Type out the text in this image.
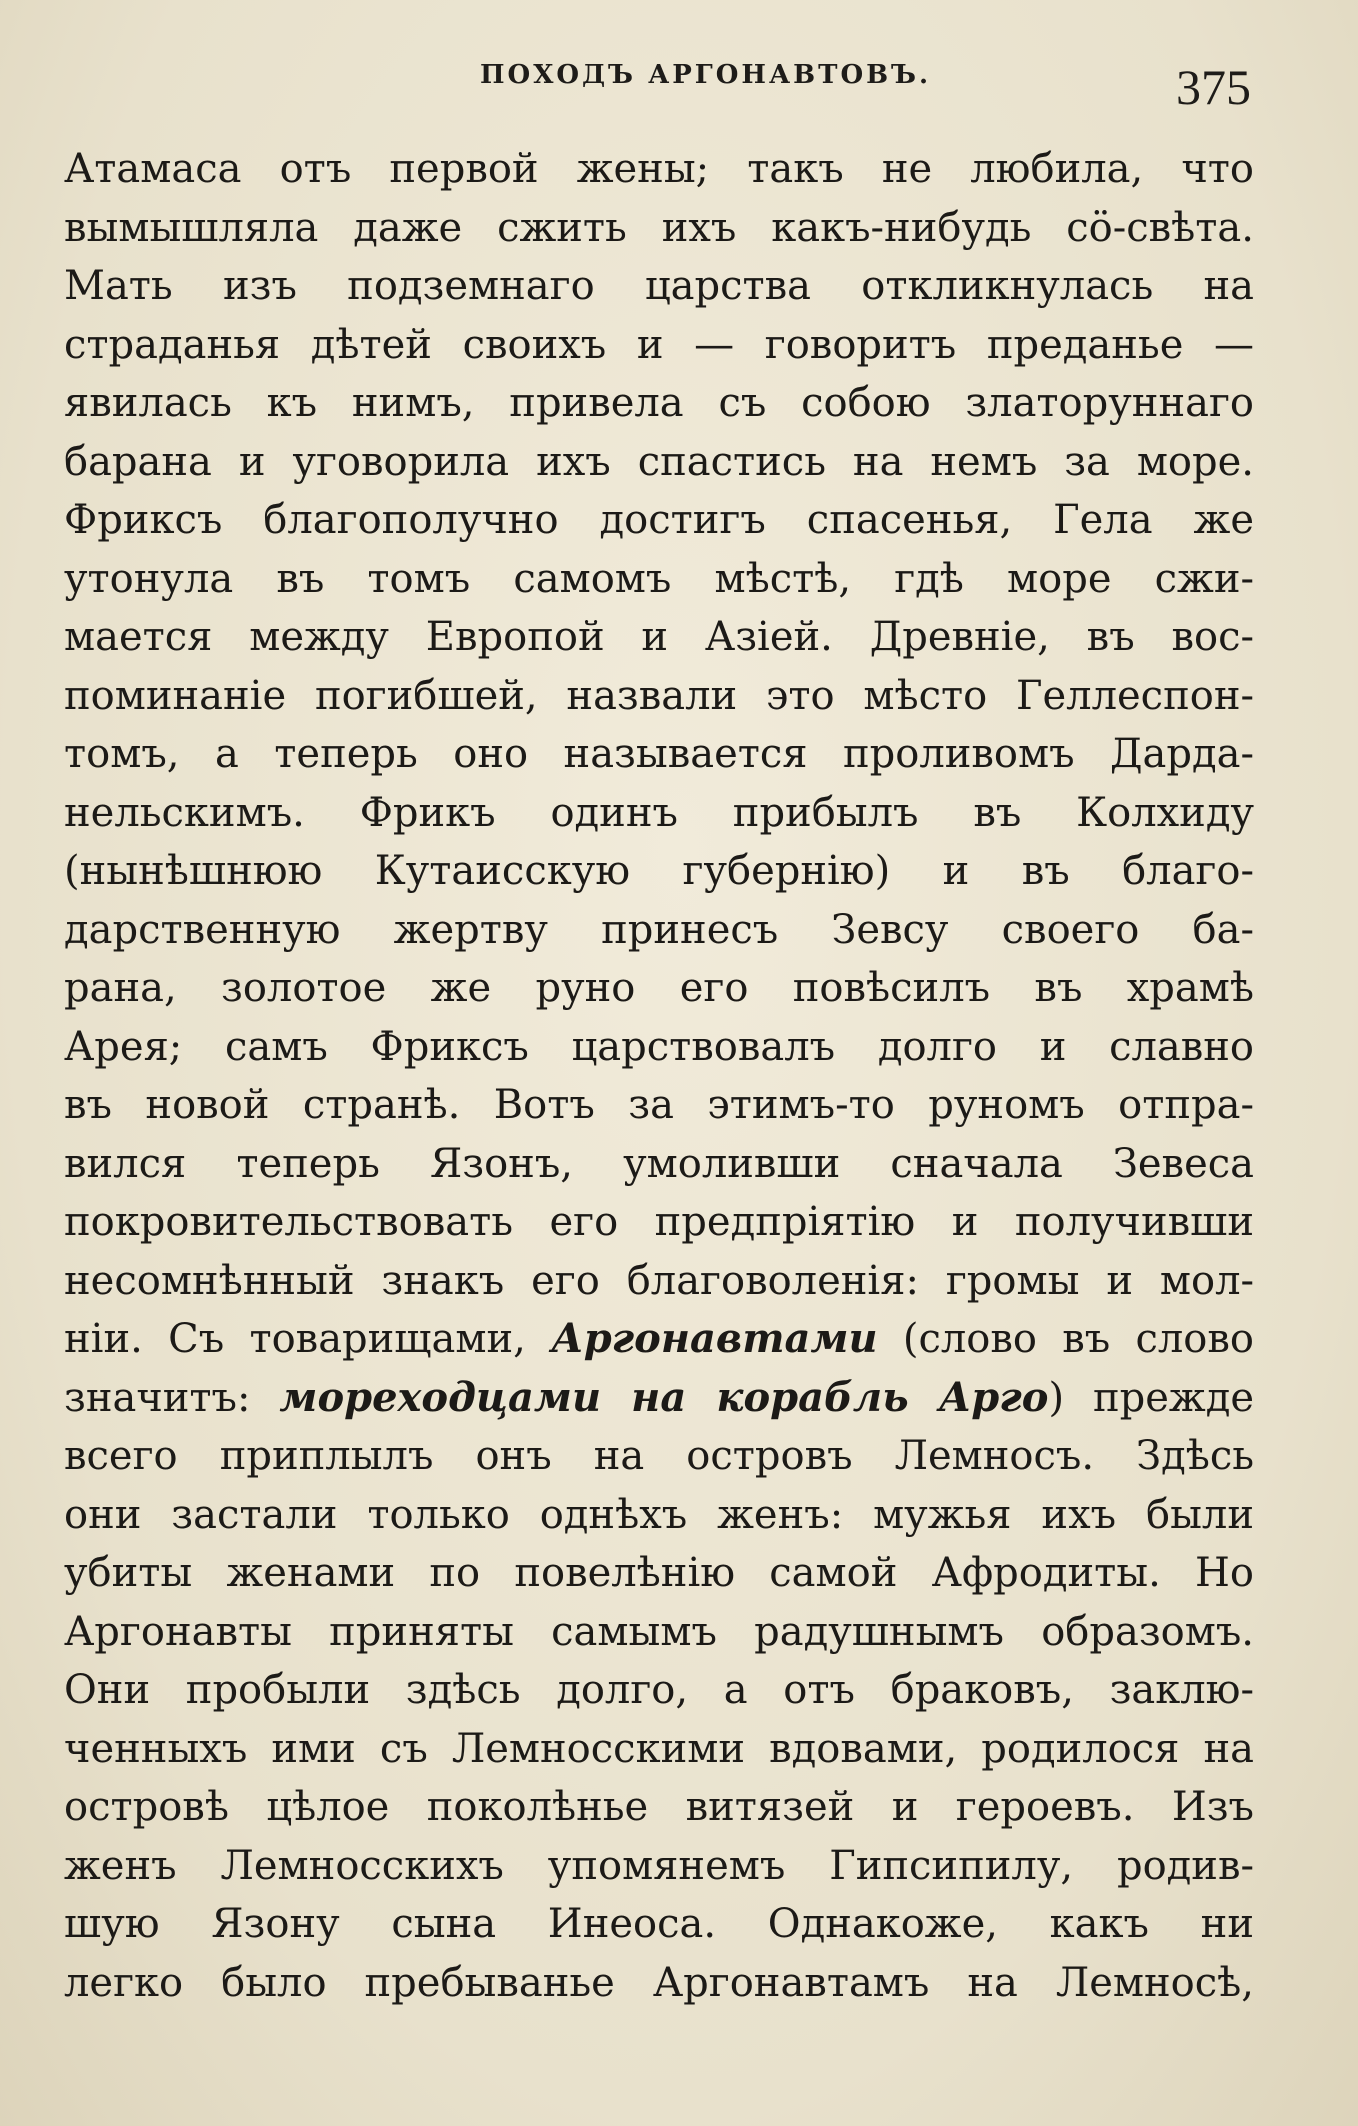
ПОХОДЪ АРГОНАВТОВЪ.	375
Атамаса отъ первой жены; такъ не любила, что
вымышляла даже сжить ихъ какъ-нибудь сö-свѣта.
Мать изъ подземнаго царства откликнулась на
страданья дѣтей своихъ и — говоритъ преданье —
явилась къ нимъ, привела съ собою златоруннаго
барана и уговорила ихъ спастись на немъ за море.
Фриксъ благополучно достигъ спасенья, Гела же
утонула въ томъ самомъ мѣстѣ, гдѣ море сжи-
мается между Европой и Азiей. Древнiе, въ вос-
поминанiе погибшей, назвали это мѣсто Геллеспон-
томъ, а теперь оно называется проливомъ Дарда-
нельскимъ. Фрикъ одинъ прибылъ въ Колхиду
(нынѣшнюю Кутаисскую губернiю) и въ благо-
дарственную жертву принесъ Зевсу своего ба-
рана, золотое же руно его повѣсилъ въ храмѣ
Арея; самъ Фриксъ царствовалъ долго и славно
въ новой странѣ. Вотъ за этимъ-то руномъ отпра-
вился теперь Язонъ, умоливши сначала Зевеса
покровительствовать его предпрiятiю и получивши
несомнѣнный знакъ его благоволенiя: громы и мол-
нiи. Съ товарищами, Аргонавтами (слово въ слово
значитъ: мореходцами на корабль Арго) прежде
всего приплылъ онъ на островъ Лемносъ. Здѣсь
они застали только однѣхъ женъ: мужья ихъ были
убиты женами по повелѣнiю самой Афродиты. Но
Аргонавты приняты самымъ радушнымъ образомъ.
Они пробыли здѣсь долго, а отъ браковъ, заклю-
ченныхъ ими съ Лемносскими вдовами, родилося на
островѣ цѣлое поколѣнье витязей и героевъ. Изъ
женъ Лемносскихъ упомянемъ Гипсипилу, родив-
шую Язону сына Инеоса. Однакоже, какъ ни
легко было пребыванье Аргонавтамъ на Лемносѣ,
